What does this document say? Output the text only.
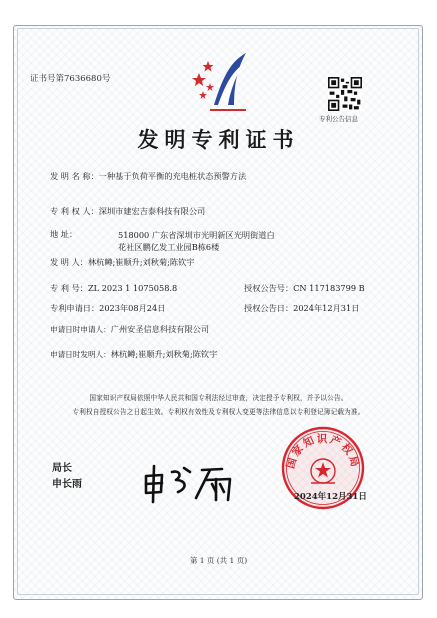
证书号第7636680号
专利公告信息
发明专利证书
发 明 名 称：一种基于负荷平衡的充电桩状态预警方法
专 利 权 人：深圳市建宏吉泰科技有限公司
地 址：	518000 广东省深圳市光明新区光明街道白花社区鹏亿发工业园B栋6楼
发 明 人：林杭鳟;崔顺升;刘秋菊;陈钦宇
专 利 号：ZL 2023 1 1075058.8	授权公告号：CN 117183799 B
专利申请日：2023年08月24日	授权公告日：2024年12月31日
申请日时申请人：广州安圣信息科技有限公司
申请日时发明人：林杭鳟;崔顺升;刘秋菊;陈钦宇
国家知识产权局依照中华人民共和国专利法经过审查，决定授予专利权，并予以公告。
专利权自授权公告之日起生效。专利权有效性及专利权人变更等法律信息以专利登记簿记载为准。
局长
申长雨
国家知识产权局
2024年12月31日
第 1 页 (共 1 页)
